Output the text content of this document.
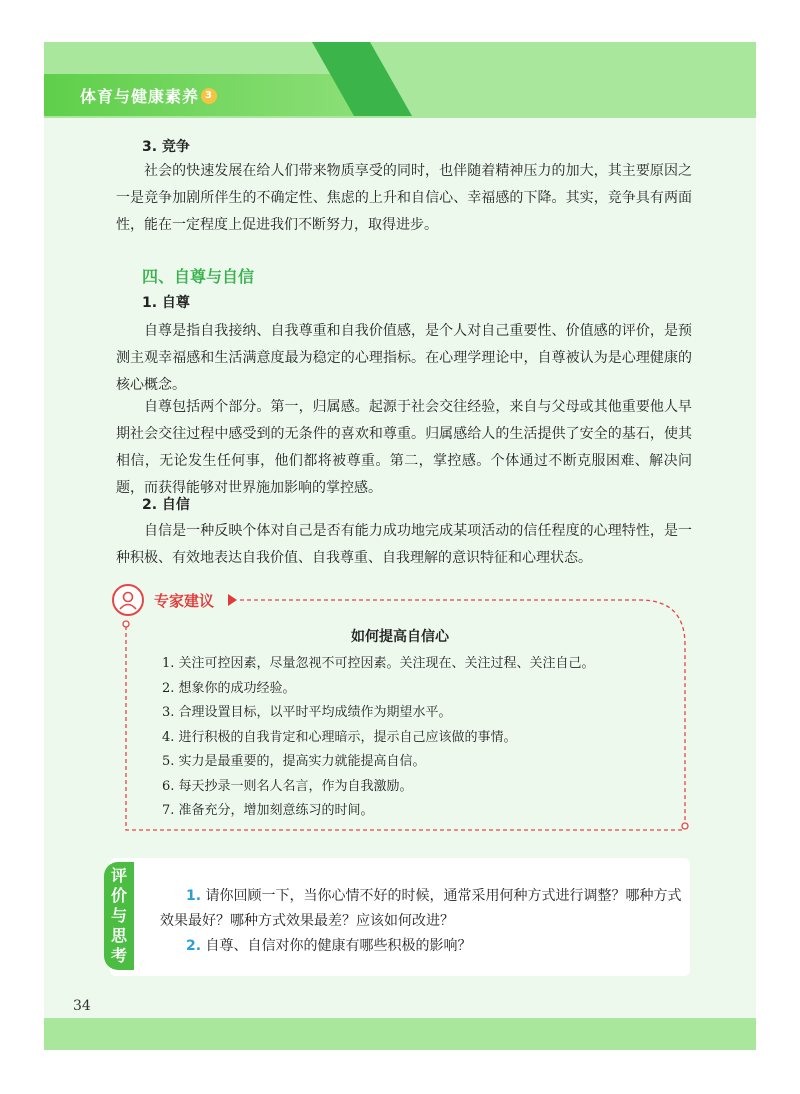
体育与健康素养 3
3. 竞争

社会的快速发展在给人们带来物质享受的同时，也伴随着精神压力的加大，其主要原因之一是竞争加剧所伴生的不确定性、焦虑的上升和自信心、幸福感的下降。其实，竞争具有两面性，能在一定程度上促进我们不断努力，取得进步。

四、自尊与自信
1. 自尊

自尊是指自我接纳、自我尊重和自我价值感，是个人对自己重要性、价值感的评价，是预测主观幸福感和生活满意度最为稳定的心理指标。在心理学理论中，自尊被认为是心理健康的核心概念。

自尊包括两个部分。第一，归属感。起源于社会交往经验，来自与父母或其他重要他人早期社会交往过程中感受到的无条件的喜欢和尊重。归属感给人的生活提供了安全的基石，使其相信，无论发生任何事，他们都将被尊重。第二，掌控感。个体通过不断克服困难、解决问题，而获得能够对世界施加影响的掌控感。

2. 自信

自信是一种反映个体对自己是否有能力成功地完成某项活动的信任程度的心理特性，是一种积极、有效地表达自我价值、自我尊重、自我理解的意识特征和心理状态。

专家建议
如何提高自信心
1. 关注可控因素，尽量忽视不可控因素。关注现在、关注过程、关注自己。
2. 想象你的成功经验。
3. 合理设置目标，以平时平均成绩作为期望水平。
4. 进行积极的自我肯定和心理暗示，提示自己应该做的事情。
5. 实力是最重要的，提高实力就能提高自信。
6. 每天抄录一则名人名言，作为自我激励。
7. 准备充分，增加刻意练习的时间。
评
价
与
思
考

1. 请你回顾一下，当你心情不好的时候，通常采用何种方式进行调整？哪种方式效果最好？哪种方式效果最差？应该如何改进？

2. 自尊、自信对你的健康有哪些积极的影响？

34
